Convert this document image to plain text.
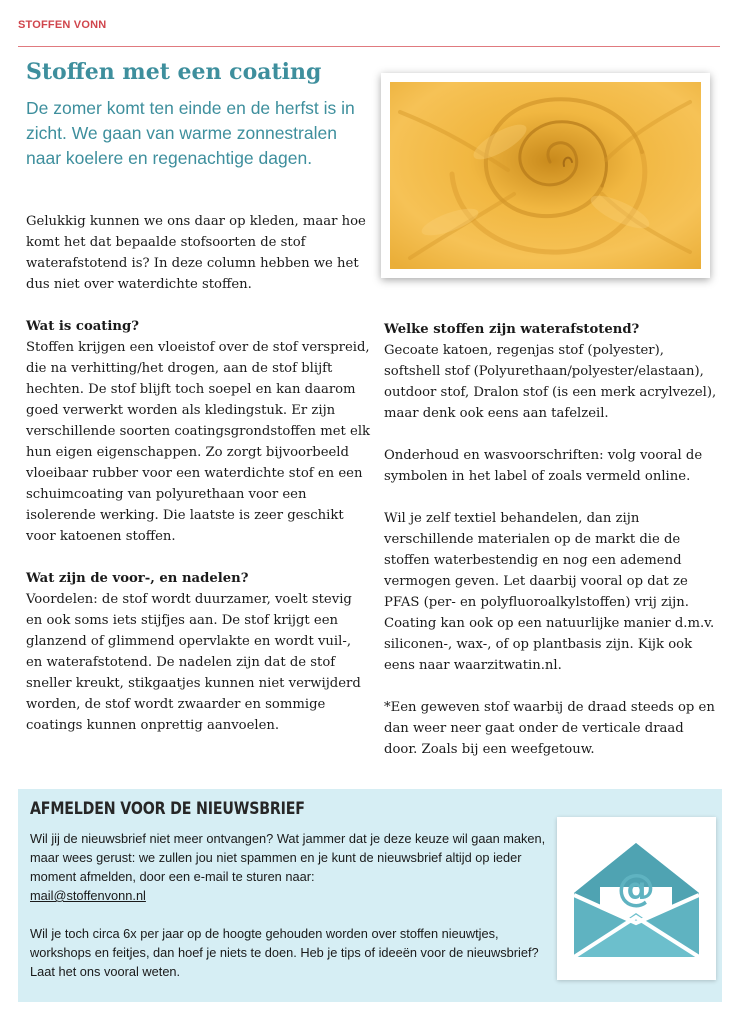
STOFFEN VONN
Stoffen met een coating

De zomer komt ten einde en de herfst is in zicht. We gaan van warme zonnestralen naar koelere en regenachtige dagen.

Gelukkig kunnen we ons daar op kleden, maar hoe komt het dat bepaalde stofsoorten de stof waterafstotend is? In deze column hebben we het dus niet over waterdichte stoffen.

Wat is coating?

Stoffen krijgen een vloeistof over de stof verspreid, die na verhitting/het drogen, aan de stof blijft hechten. De stof blijft toch soepel en kan daarom goed verwerkt worden als kledingstuk. Er zijn verschillende soorten coatingsgrondstoffen met elk hun eigen eigenschappen. Zo zorgt bijvoorbeeld vloeibaar rubber voor een waterdichte stof en een schuimcoating van polyurethaan voor een isolerende werking. Die laatste is zeer geschikt voor katoenen stoffen.

Wat zijn de voor-, en nadelen?

Voordelen: de stof wordt duurzamer, voelt stevig en ook soms iets stijfjes aan. De stof krijgt een glanzend of glimmend opervlakte en wordt vuil-, en waterafstotend. De nadelen zijn dat de stof sneller kreukt, stikgaatjes kunnen niet verwijderd worden, de stof wordt zwaarder en sommige coatings kunnen onprettig aanvoelen.

Welke stoffen zijn waterafstotend?

Gecoate katoen, regenjas stof (polyester), softshell stof (Polyurethaan/polyester/elastaan), outdoor stof, Dralon stof (is een merk acrylvezel), maar denk ook eens aan tafelzeil.

Onderhoud en wasvoorschriften: volg vooral de symbolen in het label of zoals vermeld online.

Wil je zelf textiel behandelen, dan zijn verschillende materialen op de markt die de stoffen waterbestendig en nog een ademend vermogen geven. Let daarbij vooral op dat ze PFAS (per- en polyfluoroalkylstoffen) vrij zijn. Coating kan ook op een natuurlijke manier d.m.v. siliconen-, wax-, of op plantbasis zijn. Kijk ook eens naar waarzitwatin.nl.

*Een geweven stof waarbij de draad steeds op en dan weer neer gaat onder de verticale draad door. Zoals bij een weefgetouw.

AFMELDEN VOOR DE NIEUWSBRIEF

Wil jij de nieuwsbrief niet meer ontvangen? Wat jammer dat je deze keuze wil gaan maken, maar wees gerust: we zullen jou niet spammen en je kunt de nieuwsbrief altijd op ieder moment afmelden, door een e-mail te sturen naar:
mail@stoffenvonn.nl

Wil je toch circa 6x per jaar op de hoogte gehouden worden over stoffen nieuwtjes, workshops en feitjes, dan hoef je niets te doen. Heb je tips of ideeën voor de nieuwsbrief? Laat het ons vooral weten.

@
